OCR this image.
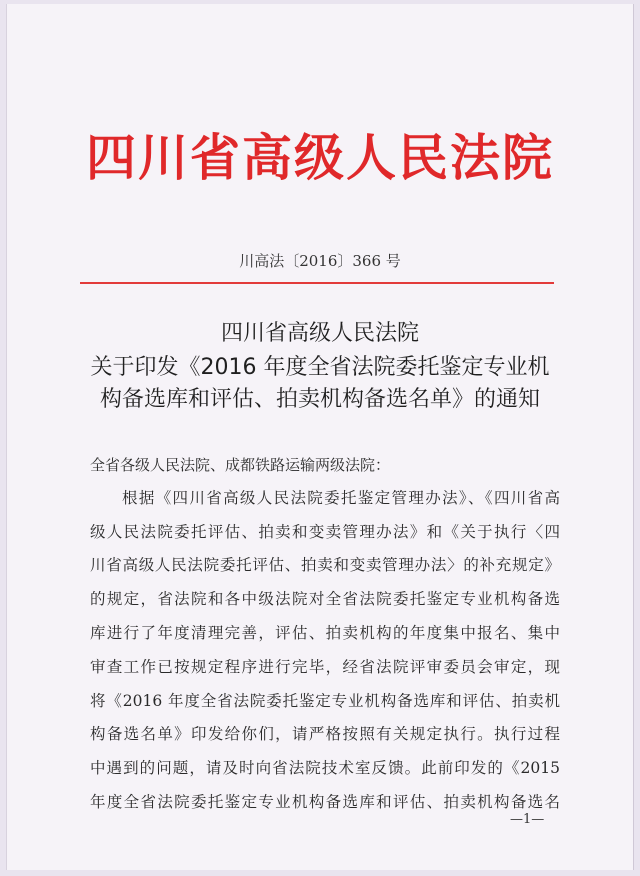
四川省高级人民法院
川高法〔2016〕366 号
四川省高级人民法院
关于印发《2016 年度全省法院委托鉴定专业机
构备选库和评估、拍卖机构备选名单》的通知
全省各级人民法院、成都铁路运输两级法院：
根据《四川省高级人民法院委托鉴定管理办法》、《四川省高
级人民法院委托评估、拍卖和变卖管理办法》和《关于执行〈四
川省高级人民法院委托评估、拍卖和变卖管理办法〉的补充规定》
的规定，省法院和各中级法院对全省法院委托鉴定专业机构备选
库进行了年度清理完善，评估、拍卖机构的年度集中报名、集中
审查工作已按规定程序进行完毕，经省法院评审委员会审定，现
将《2016 年度全省法院委托鉴定专业机构备选库和评估、拍卖机
构备选名单》印发给你们，请严格按照有关规定执行。执行过程
中遇到的问题，请及时向省法院技术室反馈。此前印发的《2015
年度全省法院委托鉴定专业机构备选库和评估、拍卖机构备选名
—1—
